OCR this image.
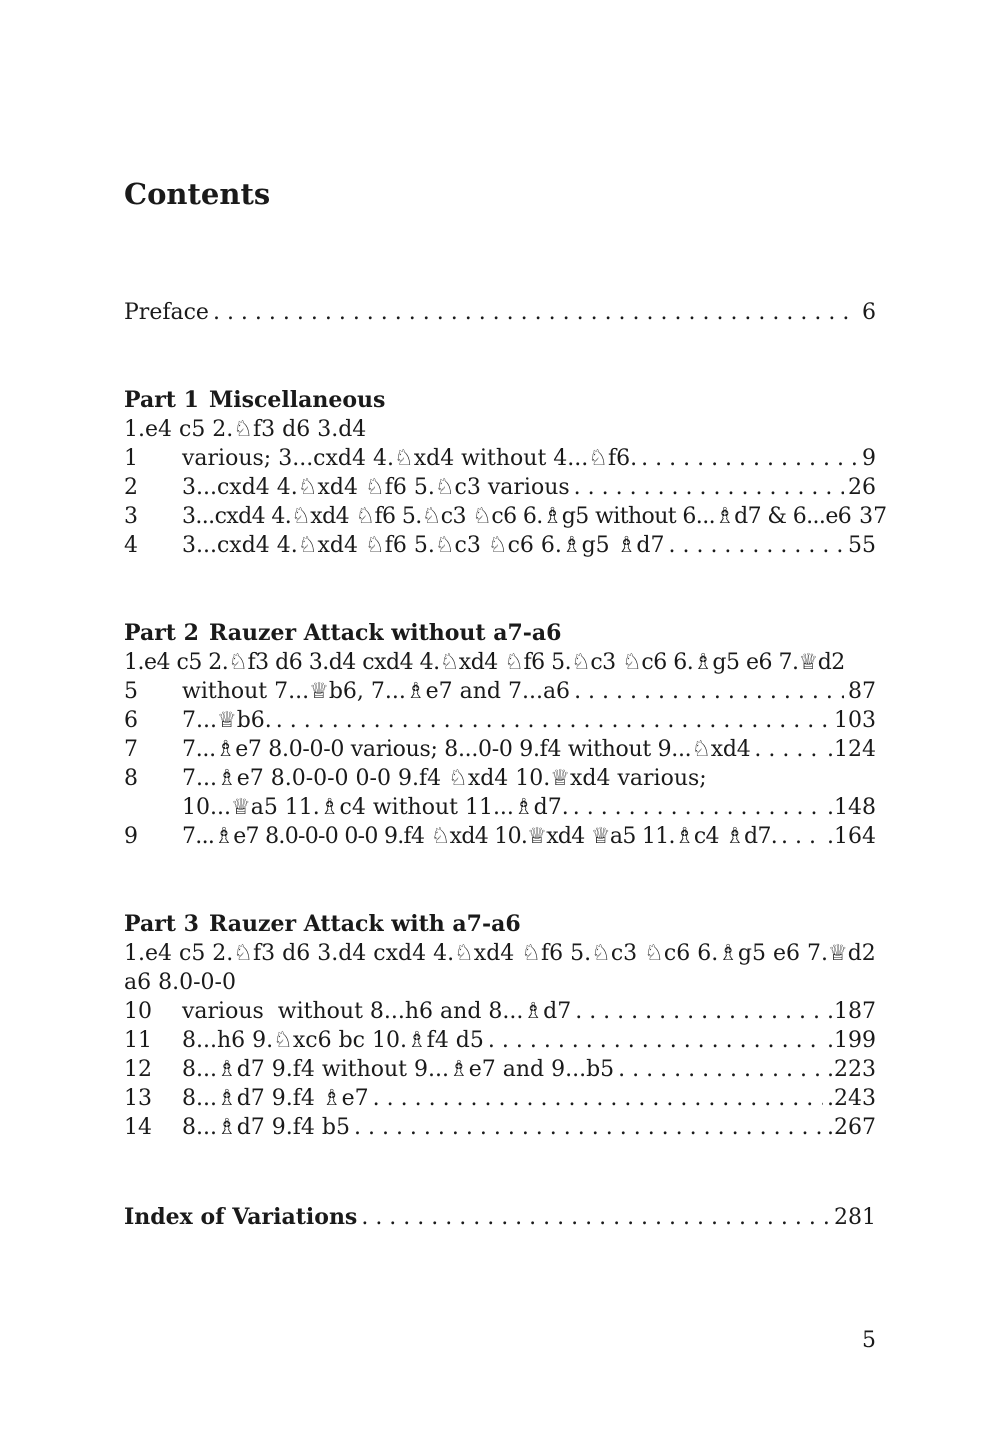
Contents
Preface . . .	6
Part 1 Miscellaneous
1.e4 c5 2.♘f3 d6 3.d4
1	various; 3...cxd4 4.♘xd4 without 4...♘f6. . . .	9
2	3...cxd4 4.♘xd4 ♘f6 5.♘c3 various . . .	26
3	3...cxd4 4.♘xd4 ♘f6 5.♘c3 ♘c6 6.♗g5 without 6...♗d7 & 6...e6 37
4	3...cxd4 4.♘xd4 ♘f6 5.♘c3 ♘c6 6.♗g5 ♗d7 . . .	55
Part 2 Rauzer Attack without a7-a6
1.e4 c5 2.♘f3 d6 3.d4 cxd4 4.♘xd4 ♘f6 5.♘c3 ♘c6 6.♗g5 e6 7.♕d2
5	without 7...♕b6, 7...♗e7 and 7...a6 . . .	87
6	7...♕b6. . . .	103
7	7...♗e7 8.0-0-0 various; 8...0-0 9.f4 without 9...♘xd4 . . .	.124
8	7...♗e7 8.0-0-0 0-0 9.f4 ♘xd4 10.♕xd4 various;
10...♕a5 11.♗c4 without 11...♗d7. . . .	.148
9	7...♗e7 8.0-0-0 0-0 9.f4 ♘xd4 10.♕xd4 ♕a5 11.♗c4 ♗d7. . . . .164
Part 3 Rauzer Attack with a7-a6
1.e4 c5 2.♘f3 d6 3.d4 cxd4 4.♘xd4 ♘f6 5.♘c3 ♘c6 6.♗g5 e6 7.♕d2 a6 8.0-0-0
10	various  without 8...h6 and 8...♗d7 . . .	.187
11	8...h6 9.♘xc6 bc 10.♗f4 d5 . . .	.199
12	8...♗d7 9.f4 without 9...♗e7 and 9...b5 . . .	.223
13	8...♗d7 9.f4 ♗e7 . . .	.243
14	8...♗d7 9.f4 b5 . . .	.267
Index of Variations . . .	281
5
